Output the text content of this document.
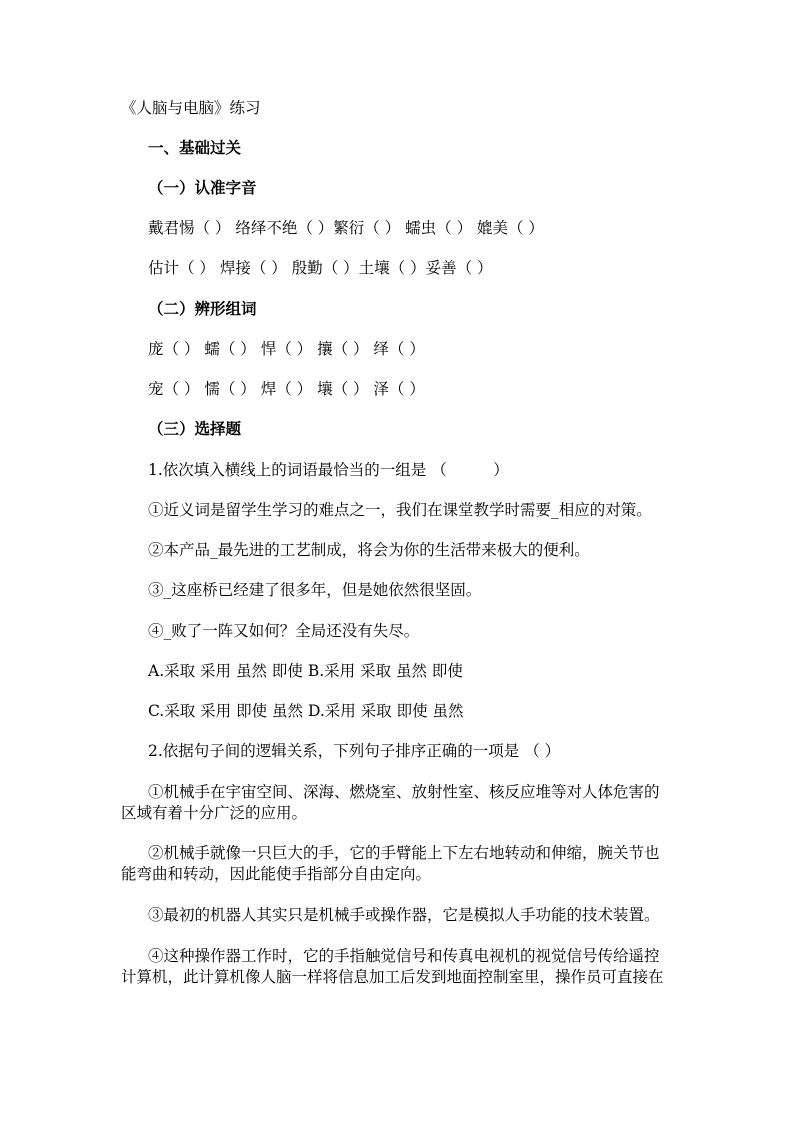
《人脑与电脑》练习
一、基础过关
（一）认准字音
戴君惕（ ） 络绎不绝（ ）繁衍（ ） 蠕虫（ ） 媲美（ ）
估计（ ） 焊接（ ） 殷勤（ ）土壤（ ）妥善（ ）
（二）辨形组词
庞（ ） 蠕（ ） 悍（ ） 攘（ ） 绎（ ）
宠（ ） 懦（ ） 焊（ ） 壤（ ） 泽（ ）
（三）选择题
1.依次填入横线上的词语最恰当的一组是 （　　　）
①近义词是留学生学习的难点之一，我们在课堂教学时需要_相应的对策。
②本产品_最先进的工艺制成，将会为你的生活带来极大的便利。
③_这座桥已经建了很多年，但是她依然很坚固。
④_败了一阵又如何？全局还没有失尽。
A.采取 采用 虽然 即使 B.采用 采取 虽然 即使
C.采取 采用 即使 虽然 D.采用 采取 即使 虽然
2.依据句子间的逻辑关系，下列句子排序正确的一项是 （ ）
①机械手在宇宙空间、深海、燃烧室、放射性室、核反应堆等对人体危害的区域有着十分广泛的应用。
②机械手就像一只巨大的手，它的手臂能上下左右地转动和伸缩，腕关节也能弯曲和转动，因此能使手指部分自由定向。
③最初的机器人其实只是机械手或操作器，它是模拟人手功能的技术装置。
④这种操作器工作时，它的手指触觉信号和传真电视机的视觉信号传给遥控计算机，此计算机像人脑一样将信息加工后发到地面控制室里，操作员可直接在
